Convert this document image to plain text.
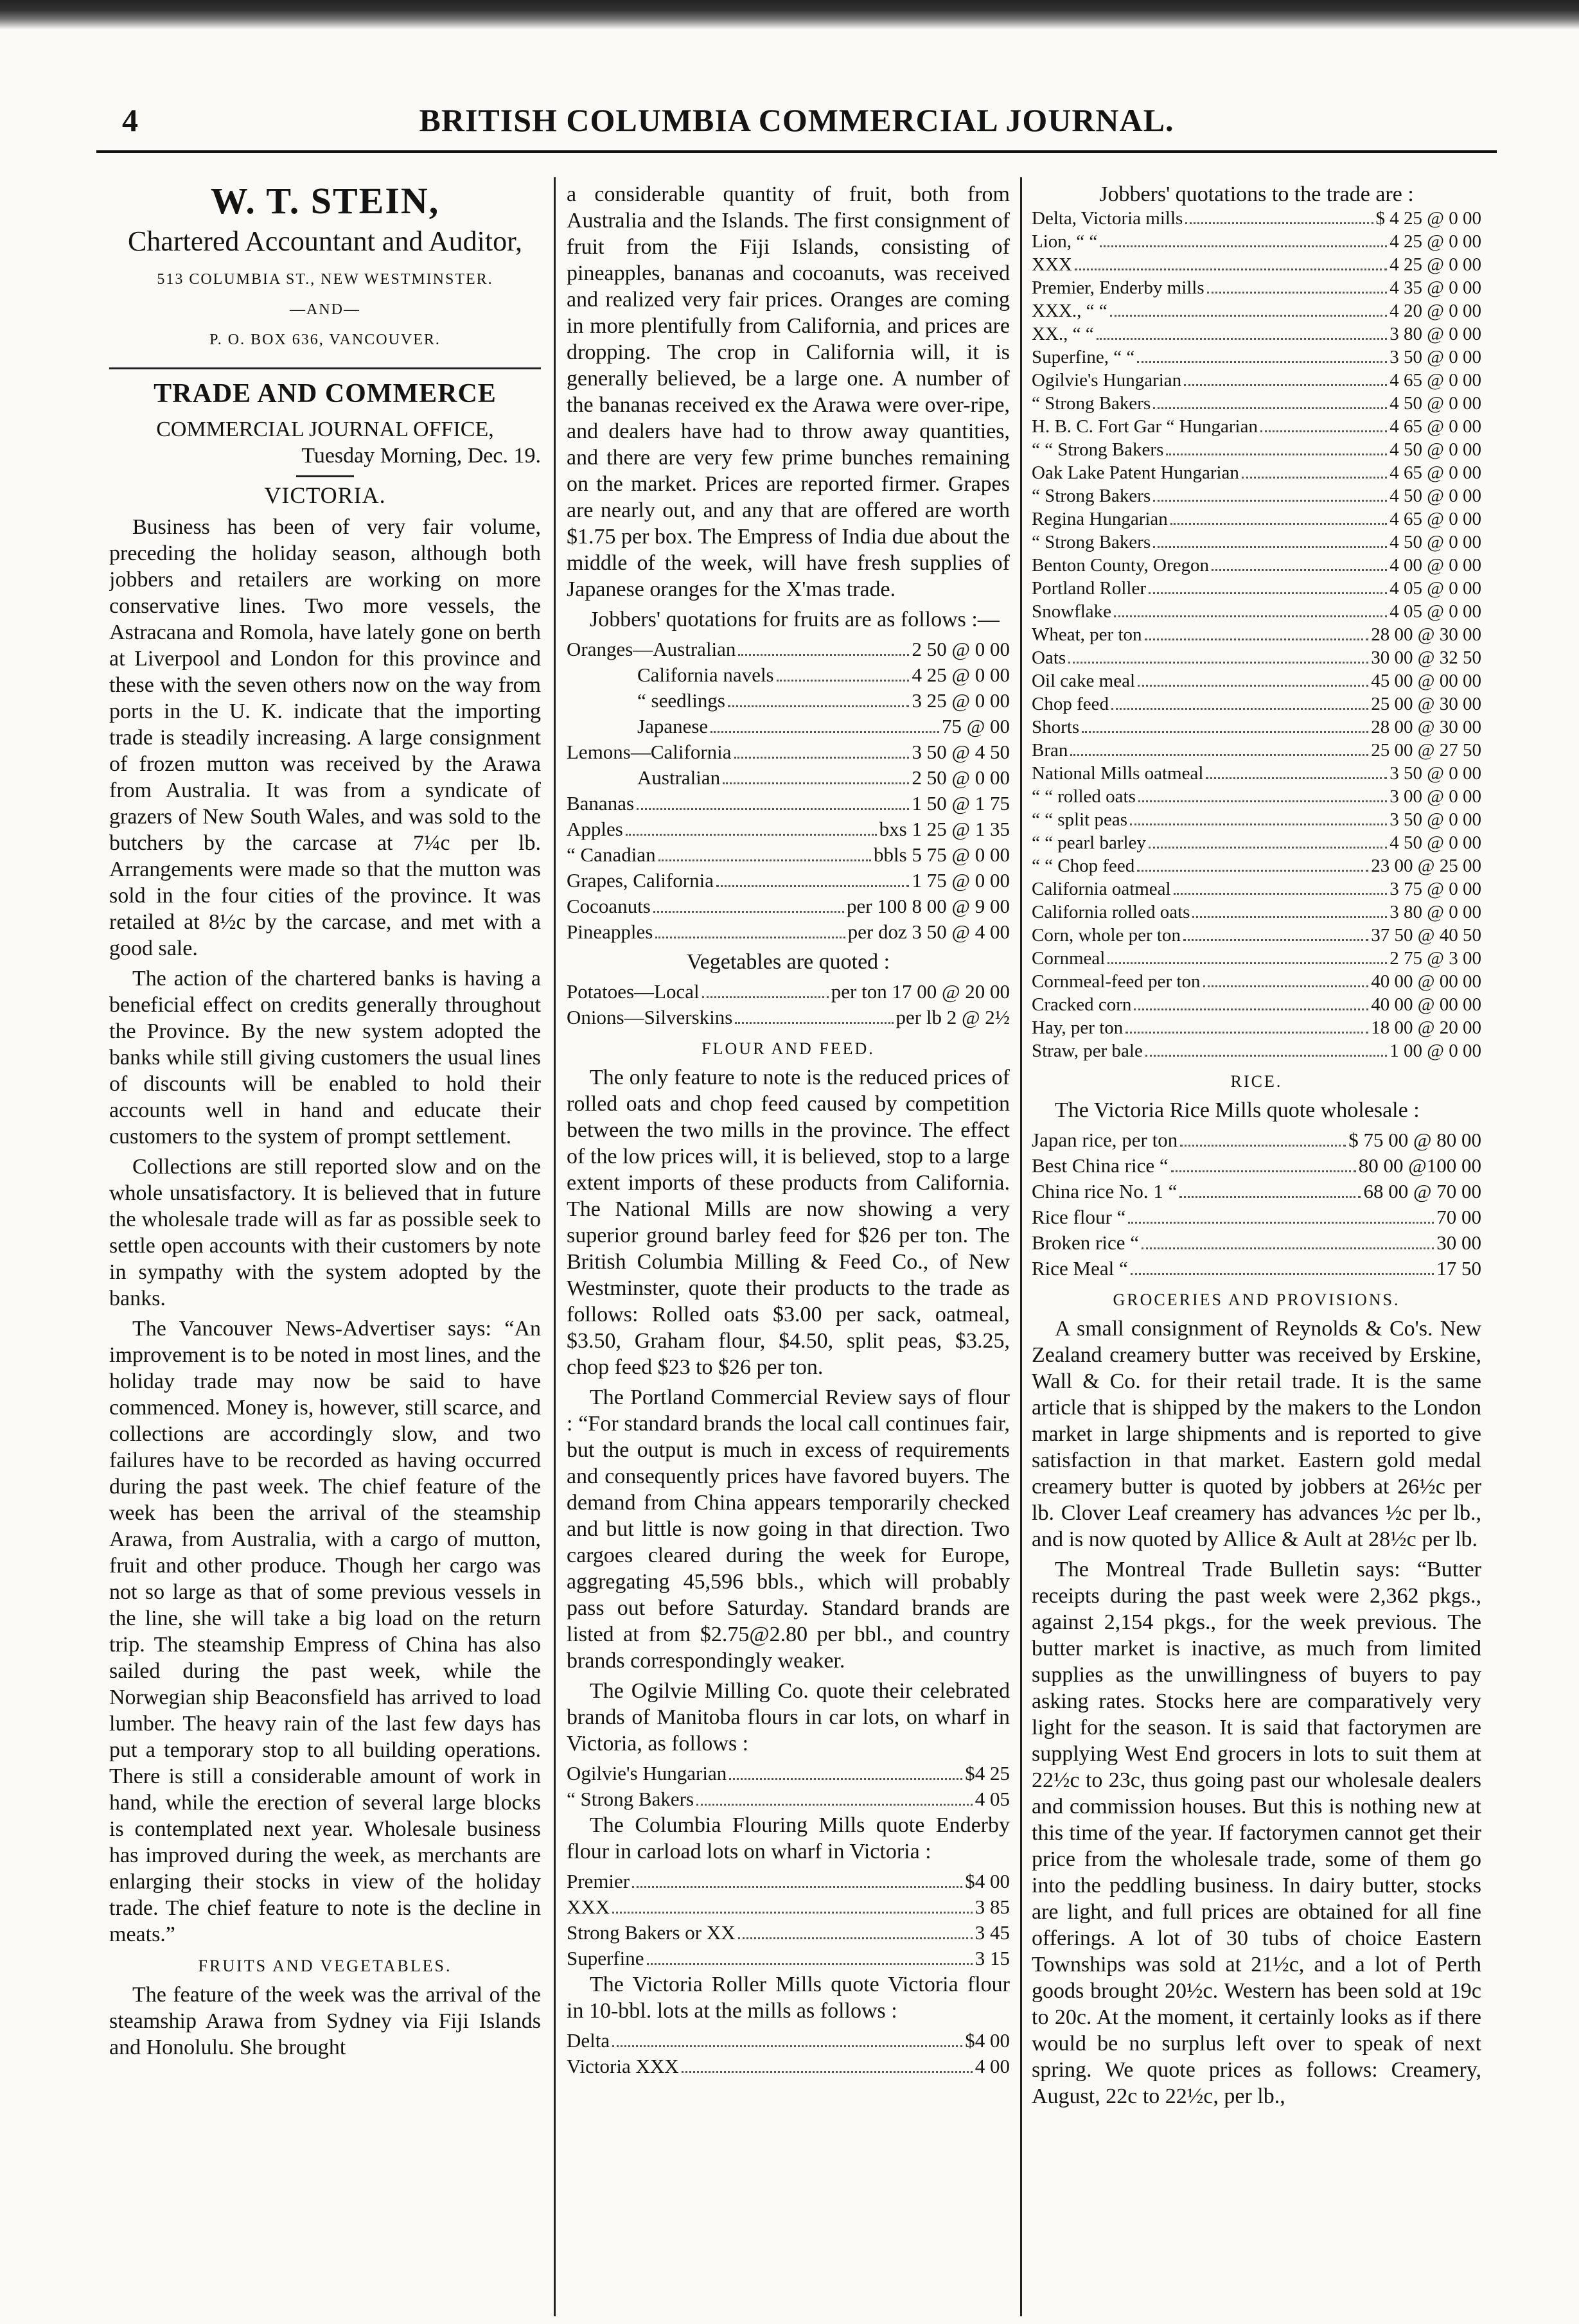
4	BRITISH COLUMBIA COMMERCIAL JOURNAL.
W. T. STEIN,
Chartered Accountant and Auditor,
513 COLUMBIA ST., NEW WESTMINSTER.
—AND—
P. O. BOX 636, VANCOUVER.
TRADE AND COMMERCE
COMMERCIAL JOURNAL OFFICE,
Tuesday Morning, Dec. 19.
VICTORIA.

Business has been of very fair volume, preceding the holiday season, although both jobbers and retailers are working on more conservative lines. Two more vessels, the Astracana and Romola, have lately gone on berth at Liverpool and London for this province and these with the seven others now on the way from ports in the U. K. indicate that the importing trade is steadily increasing. A large consignment of frozen mutton was received by the Arawa from Australia. It was from a syndicate of grazers of New South Wales, and was sold to the butchers by the carcase at 7¼c per lb. Arrangements were made so that the mutton was sold in the four cities of the province. It was retailed at 8½c by the carcase, and met with a good sale.

The action of the chartered banks is having a beneficial effect on credits generally throughout the Province. By the new system adopted the banks while still giving customers the usual lines of discounts will be enabled to hold their accounts well in hand and educate their customers to the system of prompt settlement.

Collections are still reported slow and on the whole unsatisfactory. It is believed that in future the wholesale trade will as far as possible seek to settle open accounts with their customers by note in sympathy with the system adopted by the banks.

The Vancouver News-Advertiser says: “An improvement is to be noted in most lines, and the holiday trade may now be said to have commenced. Money is, however, still scarce, and collections are accordingly slow, and two failures have to be recorded as having occurred during the past week. The chief feature of the week has been the arrival of the steamship Arawa, from Australia, with a cargo of mutton, fruit and other produce. Though her cargo was not so large as that of some previous vessels in the line, she will take a big load on the return trip. The steamship Empress of China has also sailed during the past week, while the Norwegian ship Beaconsfield has arrived to load lumber. The heavy rain of the last few days has put a temporary stop to all building operations. There is still a considerable amount of work in hand, while the erection of several large blocks is contemplated next year. Wholesale business has improved during the week, as merchants are enlarging their stocks in view of the holiday trade. The chief feature to note is the decline in meats.”

FRUITS AND VEGETABLES.

The feature of the week was the arrival of the steamship Arawa from Sydney via Fiji Islands and Honolulu. She brought

a considerable quantity of fruit, both from Australia and the Islands. The first consignment of fruit from the Fiji Islands, consisting of pineapples, bananas and cocoanuts, was received and realized very fair prices. Oranges are coming in more plentifully from California, and prices are dropping. The crop in California will, it is generally believed, be a large one. A number of the bananas received ex the Arawa were over-ripe, and dealers have had to throw away quantities, and there are very few prime bunches remaining on the market. Prices are reported firmer. Grapes are nearly out, and any that are offered are worth $1.75 per box. The Empress of India due about the middle of the week, will have fresh supplies of Japanese oranges for the X'mas trade.

Jobbers' quotations for fruits are as follows :—

Oranges—Australian	2 50 @ 0 00
California navels	4 25 @ 0 00
“ seedlings	3 25 @ 0 00
Japanese	75 @ 00
Lemons—California	3 50 @ 4 50
Australian	2 50 @ 0 00
Bananas	1 50 @ 1 75
Apples	bxs 1 25 @ 1 35
“ Canadian	bbls 5 75 @ 0 00
Grapes, California	1 75 @ 0 00
Cocoanuts	per 100 8 00 @ 9 00
Pineapples	per doz 3 50 @ 4 00
Vegetables are quoted :
Potatoes—Local	per ton 17 00 @ 20 00
Onions—Silverskins	per lb 2 @ 2½
FLOUR AND FEED.

The only feature to note is the reduced prices of rolled oats and chop feed caused by competition between the two mills in the province. The effect of the low prices will, it is believed, stop to a large extent imports of these products from California. The National Mills are now showing a very superior ground barley feed for $26 per ton. The British Columbia Milling & Feed Co., of New Westminster, quote their products to the trade as follows: Rolled oats $3.00 per sack, oatmeal, $3.50, Graham flour, $4.50, split peas, $3.25, chop feed $23 to $26 per ton.

The Portland Commercial Review says of flour : “For standard brands the local call continues fair, but the output is much in excess of requirements and consequently prices have favored buyers. The demand from China appears temporarily checked and but little is now going in that direction. Two cargoes cleared during the week for Europe, aggregating 45,596 bbls., which will probably pass out before Saturday. Standard brands are listed at from $2.75@2.80 per bbl., and country brands correspondingly weaker.

The Ogilvie Milling Co. quote their celebrated brands of Manitoba flours in car lots, on wharf in Victoria, as follows :

Ogilvie's Hungarian	$4 25
“ Strong Bakers	4 05

The Columbia Flouring Mills quote Enderby flour in carload lots on wharf in Victoria :

Premier	$4 00
XXX	3 85
Strong Bakers or XX	3 45
Superfine	3 15

The Victoria Roller Mills quote Victoria flour in 10-bbl. lots at the mills as follows :

Delta	$4 00
Victoria XXX	4 00
Jobbers' quotations to the trade are :
Delta, Victoria mills	$ 4 25 @ 0 00
Lion, “ “	4 25 @ 0 00
XXX	4 25 @ 0 00
Premier, Enderby mills	4 35 @ 0 00
XXX., “ “	4 20 @ 0 00
XX., “ “	3 80 @ 0 00
Superfine, “ “	3 50 @ 0 00
Ogilvie's Hungarian	4 65 @ 0 00
“ Strong Bakers	4 50 @ 0 00
H. B. C. Fort Gar “ Hungarian	4 65 @ 0 00
“ “ Strong Bakers	4 50 @ 0 00
Oak Lake Patent Hungarian	4 65 @ 0 00
“ Strong Bakers	4 50 @ 0 00
Regina Hungarian	4 65 @ 0 00
“ Strong Bakers	4 50 @ 0 00
Benton County, Oregon	4 00 @ 0 00
Portland Roller	4 05 @ 0 00
Snowflake	4 05 @ 0 00
Wheat, per ton	28 00 @ 30 00
Oats	30 00 @ 32 50
Oil cake meal	45 00 @ 00 00
Chop feed	25 00 @ 30 00
Shorts	28 00 @ 30 00
Bran	25 00 @ 27 50
National Mills oatmeal	3 50 @ 0 00
“ “ rolled oats	3 00 @ 0 00
“ “ split peas	3 50 @ 0 00
“ “ pearl barley	4 50 @ 0 00
“ “ Chop feed	23 00 @ 25 00
California oatmeal	3 75 @ 0 00
California rolled oats	3 80 @ 0 00
Corn, whole per ton	37 50 @ 40 50
Cornmeal	2 75 @ 3 00
Cornmeal-feed per ton	40 00 @ 00 00
Cracked corn	40 00 @ 00 00
Hay, per ton	18 00 @ 20 00
Straw, per bale	1 00 @ 0 00
RICE.

The Victoria Rice Mills quote wholesale :

Japan rice, per ton	$ 75 00 @ 80 00
Best China rice “	80 00 @100 00
China rice No. 1 “	68 00 @ 70 00
Rice flour “	70 00
Broken rice “	30 00
Rice Meal “	17 50
GROCERIES AND PROVISIONS.

A small consignment of Reynolds & Co's. New Zealand creamery butter was received by Erskine, Wall & Co. for their retail trade. It is the same article that is shipped by the makers to the London market in large shipments and is reported to give satisfaction in that market. Eastern gold medal creamery butter is quoted by jobbers at 26½c per lb. Clover Leaf creamery has advances ½c per lb., and is now quoted by Allice & Ault at 28½c per lb.

The Montreal Trade Bulletin says: “Butter receipts during the past week were 2,362 pkgs., against 2,154 pkgs., for the week previous. The butter market is inactive, as much from limited supplies as the unwillingness of buyers to pay asking rates. Stocks here are comparatively very light for the season. It is said that factorymen are supplying West End grocers in lots to suit them at 22½c to 23c, thus going past our wholesale dealers and commission houses. But this is nothing new at this time of the year. If factorymen cannot get their price from the wholesale trade, some of them go into the peddling business. In dairy butter, stocks are light, and full prices are obtained for all fine offerings. A lot of 30 tubs of choice Eastern Townships was sold at 21½c, and a lot of Perth goods brought 20½c. Western has been sold at 19c to 20c. At the moment, it certainly looks as if there would be no surplus left over to speak of next spring. We quote prices as follows: Creamery, August, 22c to 22½c, per lb.,
